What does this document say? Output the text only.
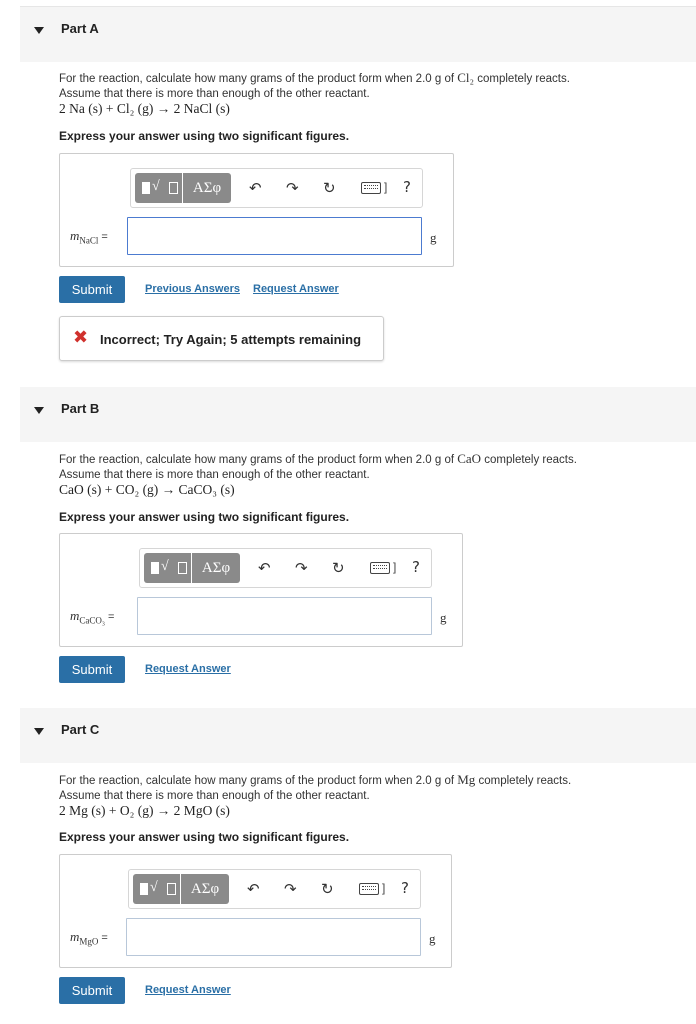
Part A
For the reaction, calculate how many grams of the product form when 2.0 g of Cl₂ completely reacts.
Assume that there is more than enough of the other reactant.
2 Na (s) + Cl₂ (g) → 2 NaCl (s)
Express your answer using two significant figures.
√	ΑΣφ	↶ ↷ ↻	] ?
$m_{NaCl}$ =	g
Submit	Previous Answers Request Answer
✖ Incorrect; Try Again; 5 attempts remaining
Part B
For the reaction, calculate how many grams of the product form when 2.0 g of CaO completely reacts.
Assume that there is more than enough of the other reactant.
CaO (s) + CO₂ (g) → CaCO₃ (s)
Express your answer using two significant figures.
√	ΑΣφ	↶ ↷ ↻	] ?
$m_{CaCO_3}$ =	g
Submit	Request Answer
Part C
For the reaction, calculate how many grams of the product form when 2.0 g of Mg completely reacts.
Assume that there is more than enough of the other reactant.
2 Mg (s) + O₂ (g) → 2 MgO (s)
Express your answer using two significant figures.
√	ΑΣφ	↶ ↷ ↻	] ?
$m_{MgO}$ =	g
Submit	Request Answer
